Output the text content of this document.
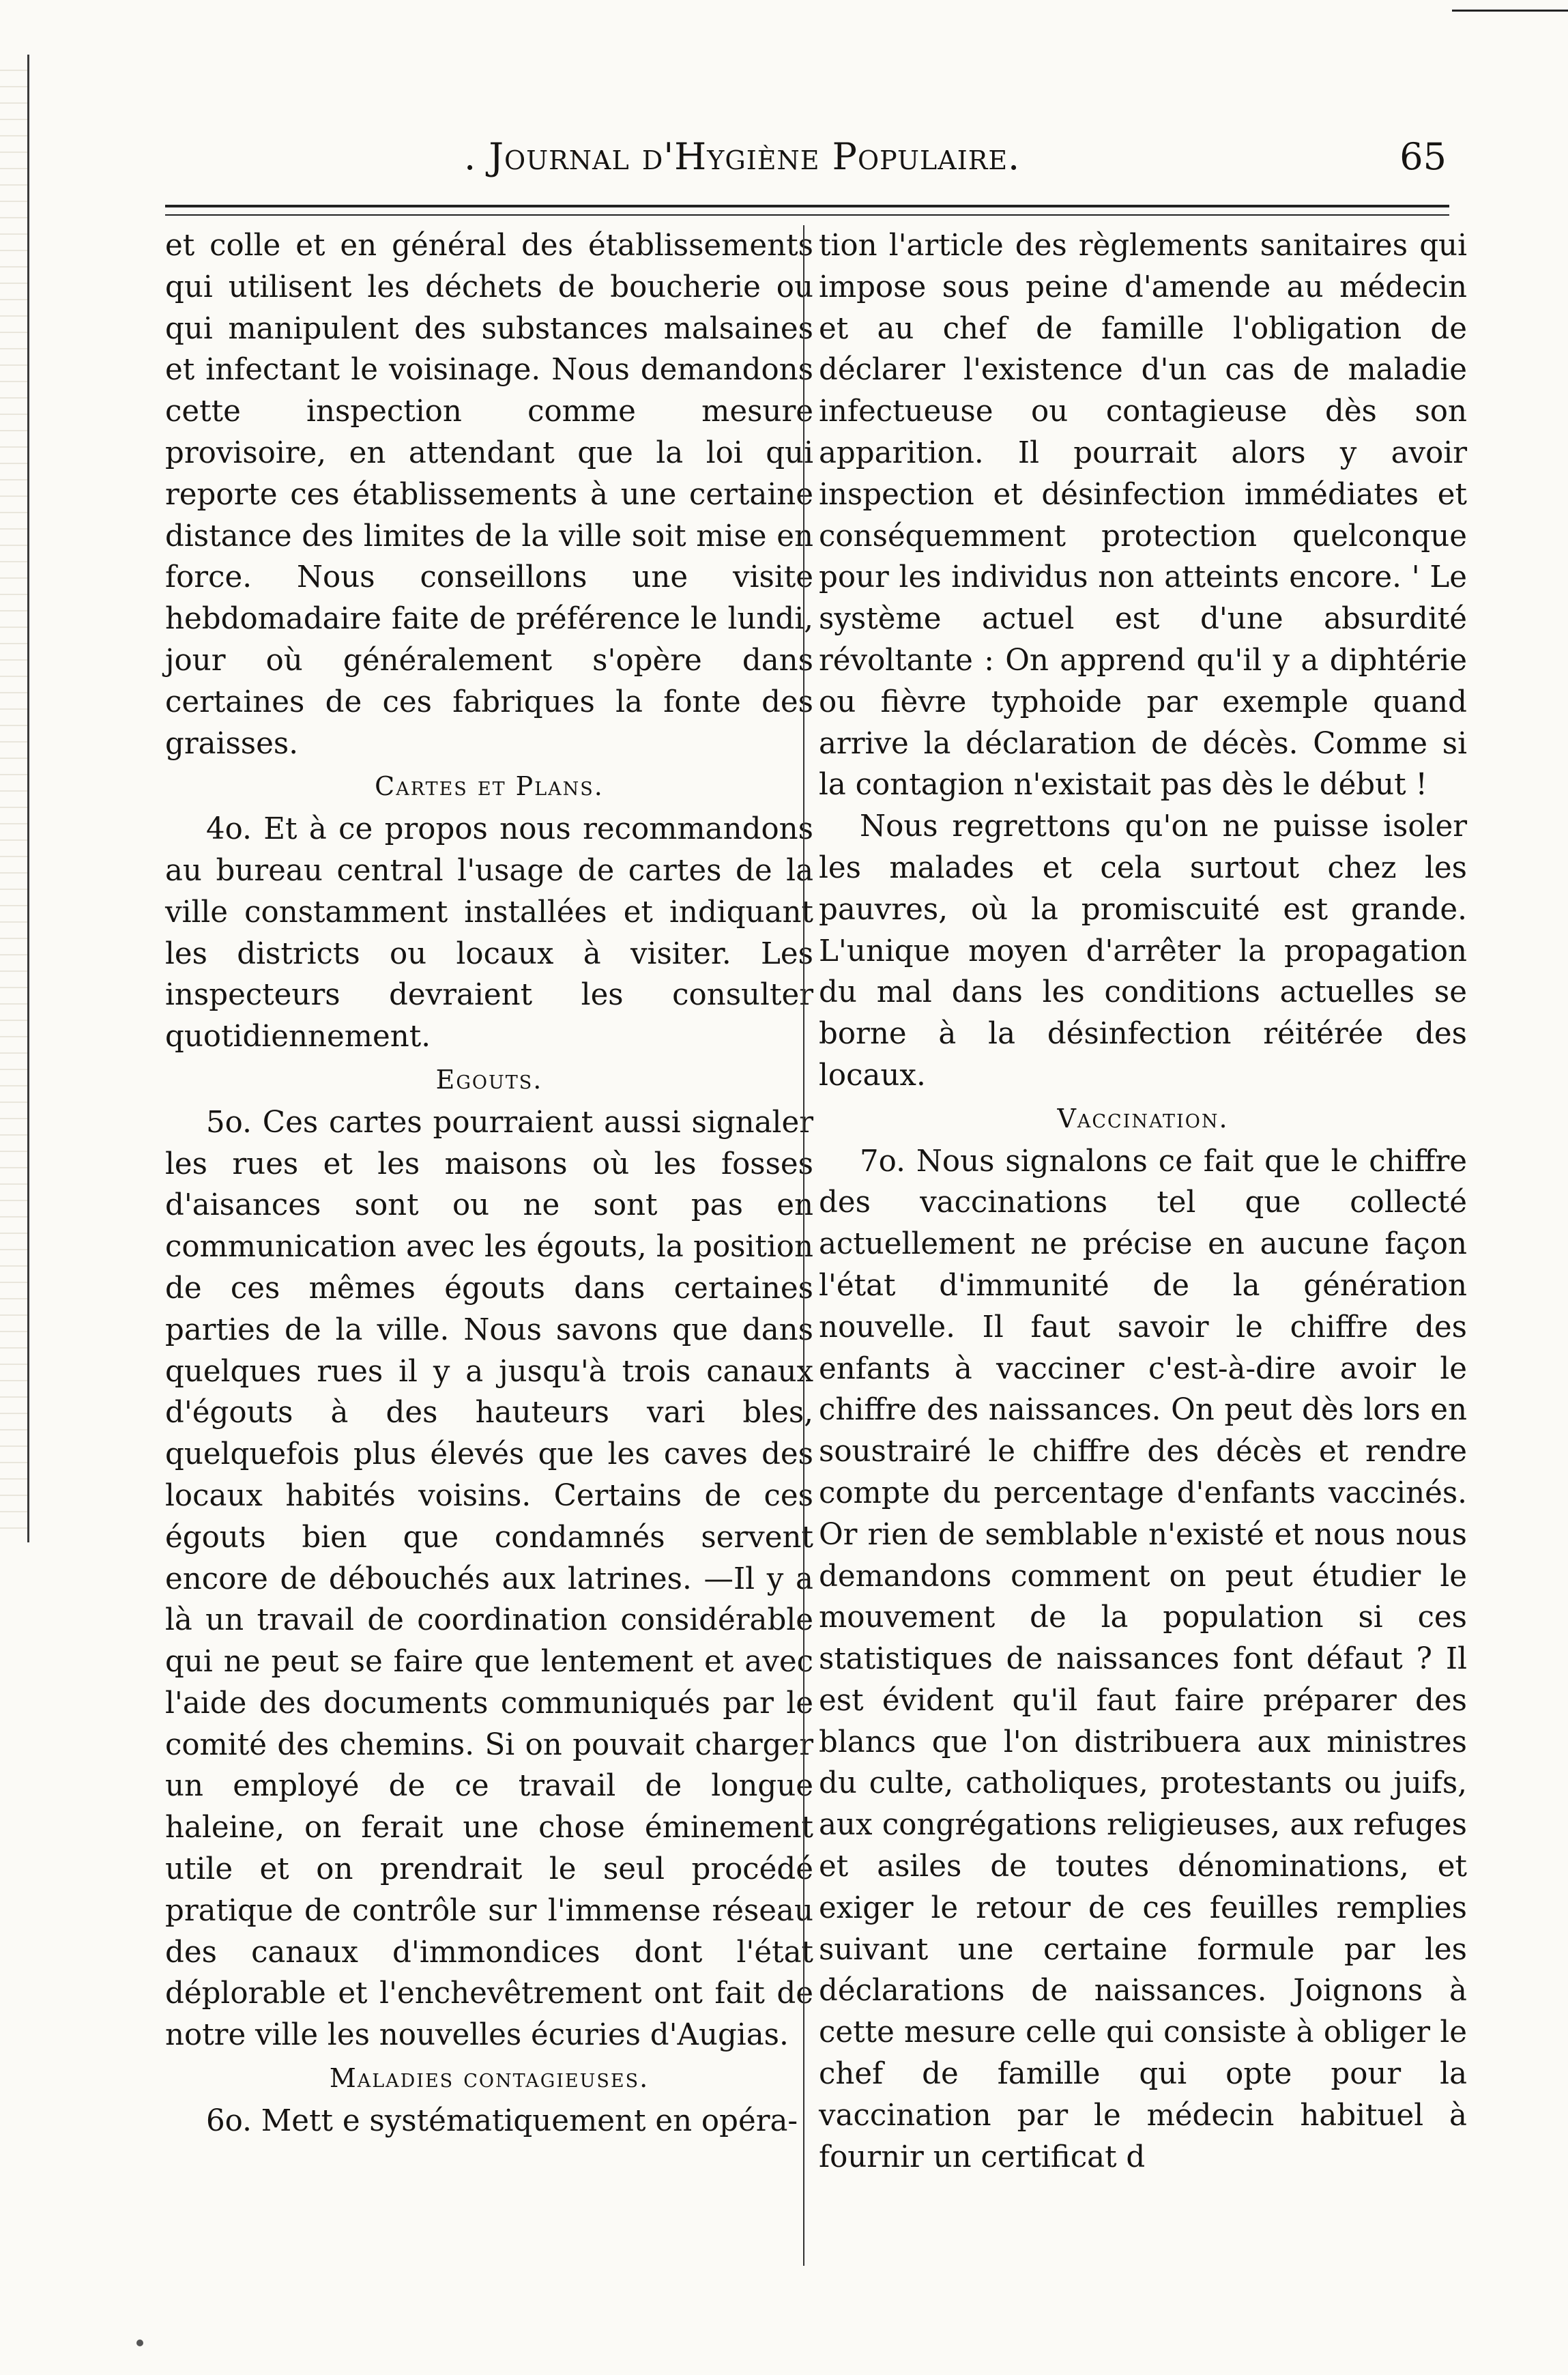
. Journal d'Hygiène Populaire.	65

et colle et en général des établissements qui utilisent les déchets de boucherie ou qui manipulent des substances malsaines et infectant le voisinage. Nous demandons cette inspection comme mesure provisoire, en attendant que la loi qui reporte ces établissements à une certaine distance des limites de la ville soit mise en force. Nous conseillons une visite hebdomadaire faite de préférence le lundi, jour où généralement s'opère dans certaines de ces fabriques la fonte des graisses.

Cartes et Plans.

4o. Et à ce propos nous recommandons au bureau central l'usage de cartes de la ville constamment installées et indiquant les districts ou locaux à visiter. Les inspecteurs devraient les consulter quotidiennement.

Egouts.

5o. Ces cartes pourraient aussi signaler les rues et les maisons où les fosses d'aisances sont ou ne sont pas en communication avec les égouts, la position de ces mêmes égouts dans certaines parties de la ville. Nous savons que dans quelques rues il y a jusqu'à trois canaux d'égouts à des hauteurs vari bles, quelquefois plus élevés que les caves des locaux habités voisins. Certains de ces égouts bien que condamnés servent encore de débouchés aux latrines. —Il y a là un travail de coordination considérable qui ne peut se faire que lentement et avec l'aide des documents communiqués par le comité des chemins. Si on pouvait charger un employé de ce travail de longue haleine, on ferait une chose éminement utile et on prendrait le seul procédé pratique de contrôle sur l'immense réseau des canaux d'immondices dont l'état déplorable et l'enchevêtrement ont fait de notre ville les nouvelles écuries d'Augias.

Maladies contagieuses.

6o. Mett e systématiquement en opéra-

tion l'article des règlements sanitaires qui impose sous peine d'amende au médecin et au chef de famille l'obligation de déclarer l'existence d'un cas de maladie infectueuse ou contagieuse dès son apparition. Il pourrait alors y avoir inspection et désinfection immédiates et conséquemment protection quelconque pour les individus non atteints encore. ' Le système actuel est d'une absurdité révoltante : On apprend qu'il y a diphtérie ou fièvre typhoide par exemple quand arrive la déclaration de décès. Comme si la contagion n'existait pas dès le début !

Nous regrettons qu'on ne puisse isoler les malades et cela surtout chez les pauvres, où la promiscuité est grande. L'unique moyen d'arrêter la propagation du mal dans les conditions actuelles se borne à la désinfection réitérée des locaux.

Vaccination.

7o. Nous signalons ce fait que le chiffre des vaccinations tel que collecté actuellement ne précise en aucune façon l'état d'immunité de la génération nouvelle. Il faut savoir le chiffre des enfants à vacciner c'est-à-dire avoir le chiffre des naissances. On peut dès lors en soustrairé le chiffre des décès et rendre compte du percentage d'enfants vaccinés. Or rien de semblable n'existé et nous nous demandons comment on peut étudier le mouvement de la population si ces statistiques de naissances font défaut ? Il est évident qu'il faut faire préparer des blancs que l'on distribuera aux ministres du culte, catholiques, protestants ou juifs, aux congrégations religieuses, aux refuges et asiles de toutes dénominations, et exiger le retour de ces feuilles remplies suivant une certaine formule par les déclarations de naissances. Joignons à cette mesure celle qui consiste à obliger le chef de famille qui opte pour la vaccination par le médecin habituel à fournir un certificat d
